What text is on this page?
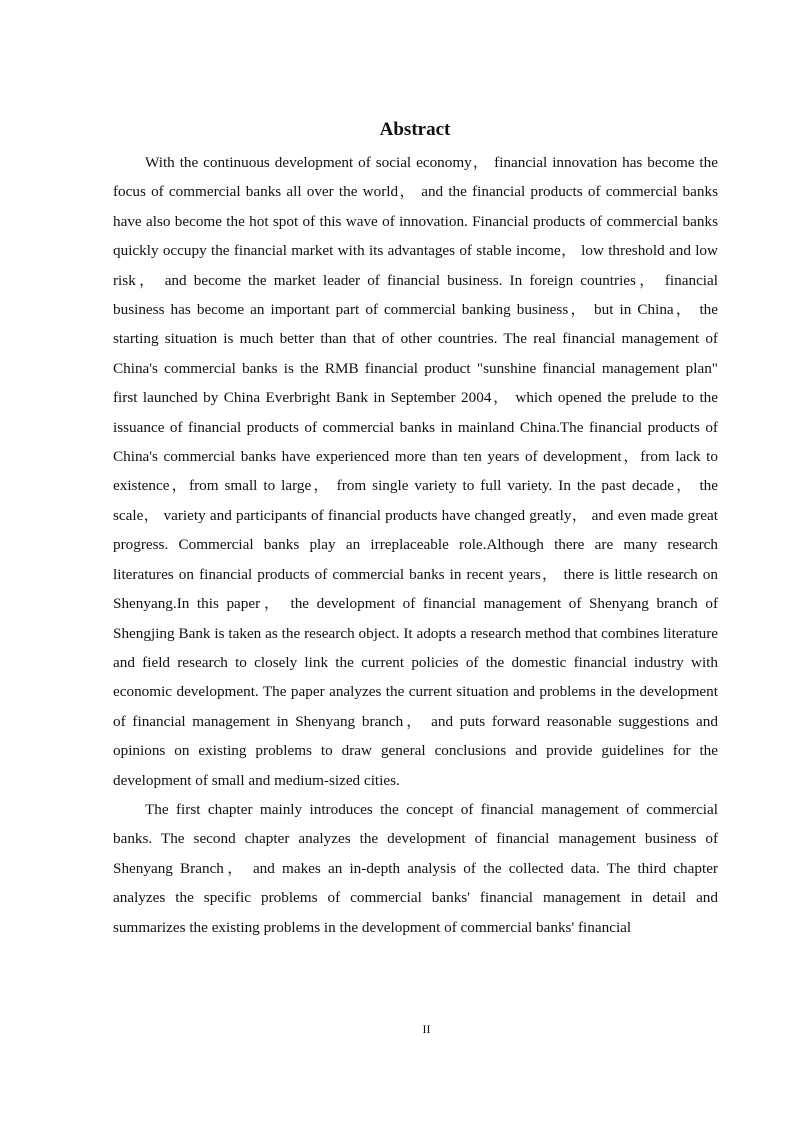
Abstract

With the continuous development of social economy， financial innovation has become the focus of commercial banks all over the world， and the financial products of commercial banks have also become the hot spot of this wave of innovation. Financial products of commercial banks quickly occupy the financial market with its advantages of stable income， low threshold and low risk， and become the market leader of financial business. In foreign countries， financial business has become an important part of commercial banking business， but in China， the starting situation is much better than that of other countries. The real financial management of China's commercial banks is the RMB financial product "sunshine financial management plan" first launched by China Everbright Bank in September 2004， which opened the prelude to the issuance of financial products of commercial banks in mainland China.The financial products of China's commercial banks have experienced more than ten years of development，from lack to existence，from small to large， from single variety to full variety. In the past decade， the scale， variety and participants of financial products have changed greatly， and even made great progress. Commercial banks play an irreplaceable role.Although there are many research literatures on financial products of commercial banks in recent years， there is little research on Shenyang.In this paper， the development of financial management of Shenyang branch of Shengjing Bank is taken as the research object. It adopts a research method that combines literature and field research to closely link the current policies of the domestic financial industry with economic development. The paper analyzes the current situation and problems in the development of financial management in Shenyang branch， and puts forward reasonable suggestions and opinions on existing problems to draw general conclusions and provide guidelines for the development of small and medium-sized cities.

The first chapter mainly introduces the concept of financial management of commercial banks. The second chapter analyzes the development of financial management business of Shenyang Branch， and makes an in-depth analysis of the collected data. The third chapter analyzes the specific problems of commercial banks' financial management in detail and summarizes the existing problems in the development of commercial banks' financial

II
